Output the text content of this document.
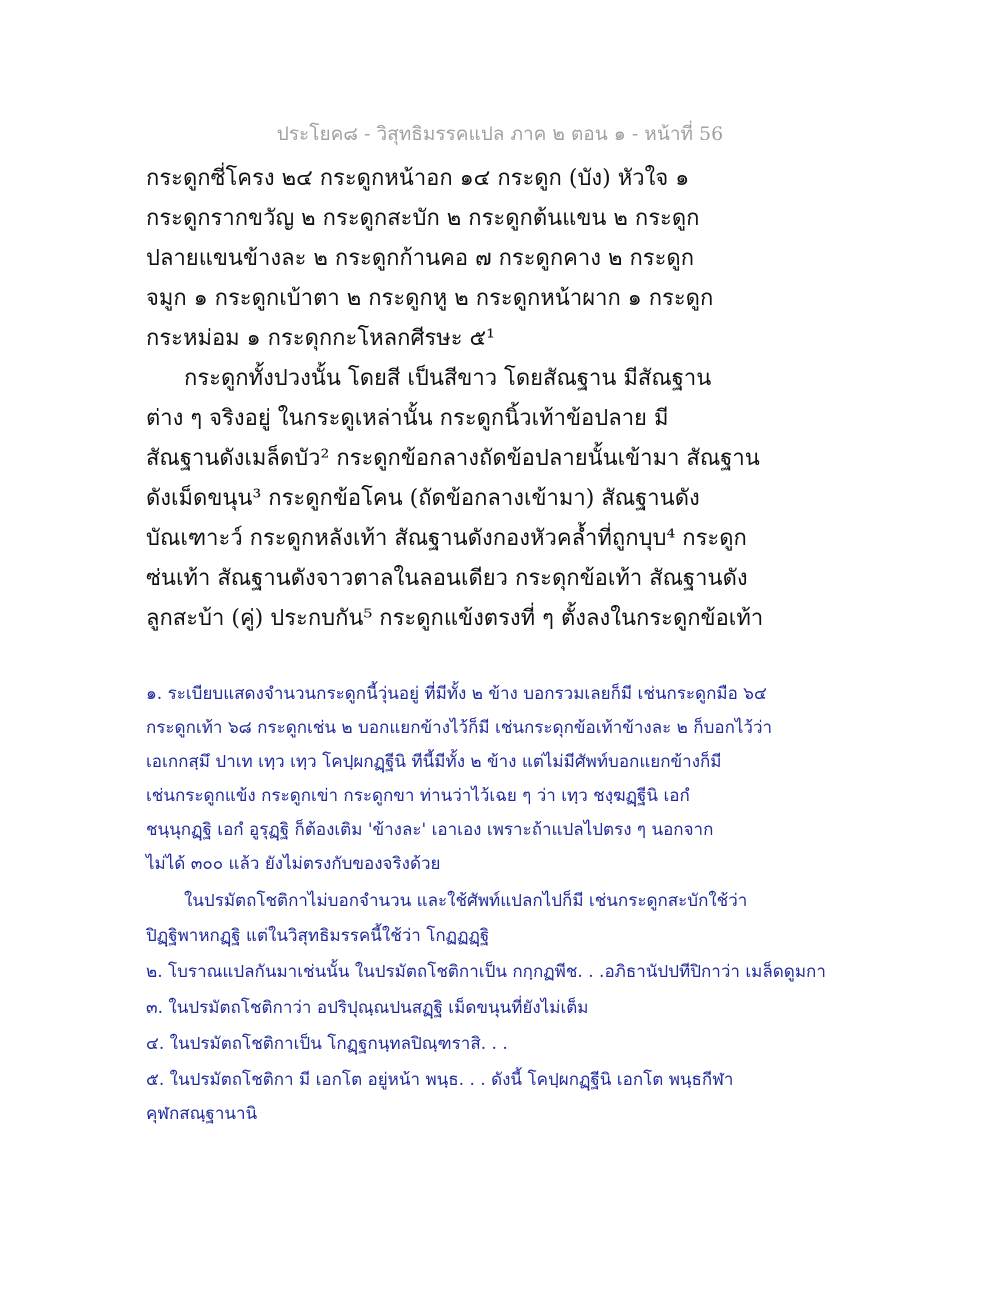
ประโยค๘ - วิสุทธิมรรคแปล ภาค ๒ ตอน ๑ - หน้าที่ 56
กระดูกซี่โครง ๒๔ กระดูกหน้าอก ๑๔ กระดูก (บัง) หัวใจ ๑
กระดูกรากขวัญ ๒ กระดูกสะบัก ๒ กระดูกต้นแขน ๒ กระดูก
ปลายแขนข้างละ ๒ กระดูกก้านคอ ๗ กระดูกคาง ๒ กระดูก
จมูก ๑ กระดูกเบ้าตา ๒ กระดูกหู ๒ กระดูกหน้าผาก ๑ กระดูก
กระหม่อม ๑ กระดุกกะโหลกศีรษะ ๕¹
กระดูกทั้งปวงนั้น โดยสี เป็นสีขาว โดยสัณฐาน มีสัณฐาน
ต่าง ๆ จริงอยู่ ในกระดูเหล่านั้น กระดูกนิ้วเท้าข้อปลาย มี
สัณฐานดังเมล็ดบัว² กระดูกข้อกลางถัดข้อปลายนั้นเข้ามา สัณฐาน
ดังเม็ดขนุน³ กระดูกข้อโคน (ถัดข้อกลางเข้ามา) สัณฐานดัง
บัณเฑาะว์ กระดูกหลังเท้า สัณฐานดังกองหัวคล้ำที่ถูกบุบ⁴ กระดูก
ซ่นเท้า สัณฐานดังจาวตาลในลอนเดียว กระดุกข้อเท้า สัณฐานดัง
ลูกสะบ้า (คู่) ประกบกัน⁵ กระดูกแข้งตรงที่ ๆ ตั้งลงในกระดูกข้อเท้า
๑. ระเบียบแสดงจำนวนกระดูกนี้วุ่นอยู่ ที่มีทั้ง ๒ ข้าง บอกรวมเลยก็มี เช่นกระดูกมือ ๖๔
กระดูกเท้า ๖๘ กระดูกเช่น ๒ บอกแยกข้างไว้ก็มี เช่นกระดุกข้อเท้าข้างละ ๒ ก็บอกไว้ว่า
เอเกกสฺมึ ปาเท เทฺว เทฺว โคปฺผกฏฺฐีนิ ทีนี้มีทั้ง ๒ ข้าง แต่ไม่มีศัพท์บอกแยกข้างก็มี
เช่นกระดูกแข้ง กระดูกเข่า กระดูกขา ท่านว่าไว้เฉย ๆ ว่า เทฺว ชงฺฆฏฺฐีนิ เอกํ
ชนฺนุกฏฺฐิ เอกํ อูรุฏฺฐิ ก็ต้องเติม 'ข้างละ' เอาเอง เพราะถ้าแปลไปตรง ๆ นอกจาก
ไม่ได้ ๓๐๐ แล้ว ยังไม่ตรงกับของจริงด้วย
ในปรมัตถโชติกาไม่บอกจำนวน และใช้ศัพท์แปลกไปก็มี เช่นกระดูกสะบักใช้ว่า
ปิฏฺฐิพาหกฏฺฐิ แต่ในวิสุทธิมรรคนี้ใช้ว่า โกฏฏฏฺฐิ
๒. โบราณแปลกันมาเช่นนั้น ในปรมัตถโชติกาเป็น กกฺกฏพีช. . .อภิธานัปปทีปิกาว่า เมล็ดดูมกา
๓. ในปรมัตถโชติกาว่า อปริปุณฺณปนสฏฺฐิ เม็ดขนุนที่ยังไม่เต็ม
๔. ในปรมัตถโชติกาเป็น โกฏฺฐกนฺทลปิณฺฑราสิ. . .
๕. ในปรมัตถโชติกา มี เอกโต อยู่หน้า พนฺธ. . . ดังนี้ โคปฺผกฏฺฐีนิ เอกโต พนฺธกีฬา
คุฬกสณฺฐานานิ
